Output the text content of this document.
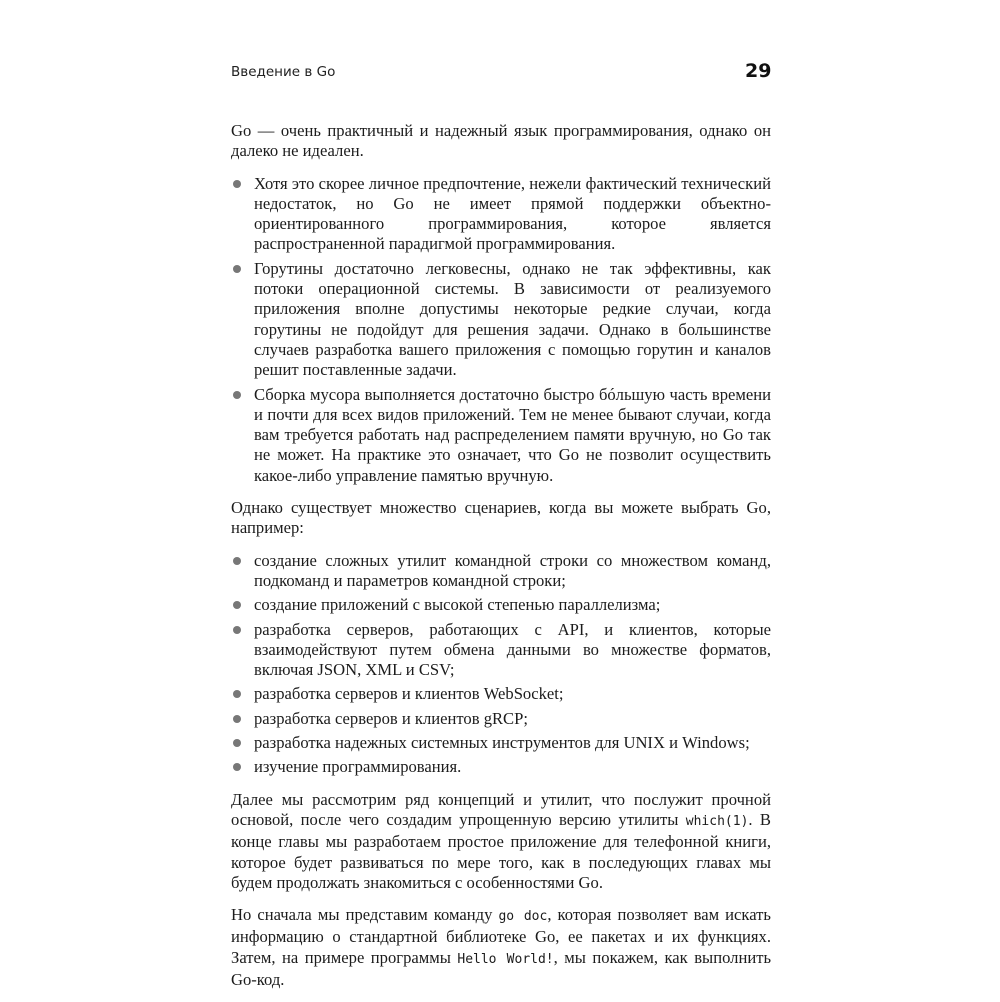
Введение в Go	29

Go — очень практичный и надежный язык программирования, однако он далеко не идеален.

Хотя это скорее личное предпочтение, нежели фактический технический недостаток, но Go не имеет прямой поддержки объектно-ориентированного программирования, которое является распространенной парадигмой программирования.
Горутины достаточно легковесны, однако не так эффективны, как потоки операционной системы. В зависимости от реализуемого приложения вполне допустимы некоторые редкие случаи, когда горутины не подойдут для решения задачи. Однако в большинстве случаев разработка вашего приложения с помощью горутин и каналов решит поставленные задачи.
Сборка мусора выполняется достаточно быстро бóльшую часть времени и почти для всех видов приложений. Тем не менее бывают случаи, когда вам требуется работать над распределением памяти вручную, но Go так не может. На практике это означает, что Go не позволит осуществить какое-либо управление памятью вручную.

Однако существует множество сценариев, когда вы можете выбрать Go, например:

создание сложных утилит командной строки со множеством команд, подкоманд и параметров командной строки;
создание приложений с высокой степенью параллелизма;
разработка серверов, работающих с API, и клиентов, которые взаимодействуют путем обмена данными во множестве форматов, включая JSON, XML и CSV;
разработка серверов и клиентов WebSocket;
разработка серверов и клиентов gRCP;
разработка надежных системных инструментов для UNIX и Windows;
изучение программирования.

Далее мы рассмотрим ряд концепций и утилит, что послужит прочной основой, после чего создадим упрощенную версию утилиты which(1). В конце главы мы разработаем простое приложение для телефонной книги, которое будет развиваться по мере того, как в последующих главах мы будем продолжать знакомиться с особенностями Go.

Но сначала мы представим команду go doc, которая позволяет вам искать информацию о стандартной библиотеке Go, ее пакетах и их функциях. Затем, на примере программы Hello World!, мы покажем, как выполнить Go-код.
